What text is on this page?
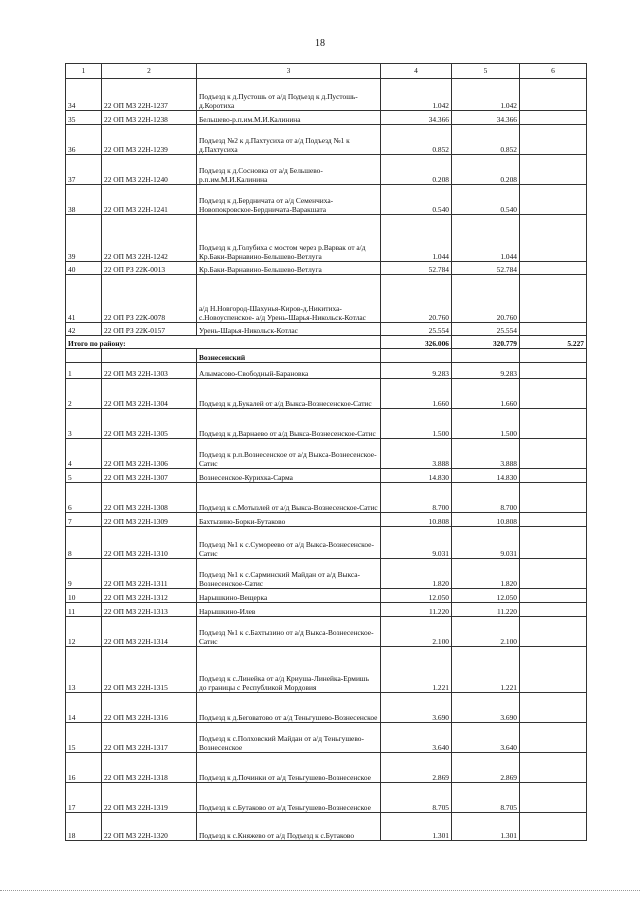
18
1	2	3	4	5	6
34	22 ОП МЗ 22Н-1237	Подъезд к д.Пустошь от а/д Подъезд к д.Пустошь-д.Коротиха	1.042	1.042	
35	22 ОП МЗ 22Н-1238	Бельшево-р.п.им.М.И.Калинина	34.366	34.366	
36	22 ОП МЗ 22Н-1239	Подъезд №2 к д.Пахтусиха от а/д Подъезд №1 к д.Пахтусиха	0.852	0.852	
37	22 ОП МЗ 22Н-1240	Подъезд к д.Сосновка от а/д Бельшево-р.п.им.М.И.Калинина	0.208	0.208	
38	22 ОП МЗ 22Н-1241	Подъезд к д.Бердничата от а/д Семенчиха-Новопокровское-Бердничата-Варакшата	0.540	0.540	
39	22 ОП МЗ 22Н-1242	Подъезд к д.Голубиха с мостом через р.Варвак от а/д Кр.Баки-Варнавино-Бельшево-Ветлуга	1.044	1.044	
40	22 ОП РЗ 22К-0013	Кр.Баки-Варнавино-Бельшево-Ветлуга	52.784	52.784	
41	22 ОП РЗ 22К-0078	а/д Н.Новгород-Шахунья-Киров-д.Никитиха-с.Новоуспенское- а/д Урень-Шарья-Никольск-Котлас	20.760	20.760	
42	22 ОП РЗ 22К-0157	Урень-Шарья-Никольск-Котлас	25.554	25.554	
Итого по району:			326.006	320.779	5.227
		Вознесенский			
1	22 ОП МЗ 22Н-1303	Алымасово-Свободный-Барановка	9.283	9.283	
2	22 ОП МЗ 22Н-1304	Подъезд к д.Букалей от а/д Выкса-Вознесенское-Сатис	1.660	1.660	
3	22 ОП МЗ 22Н-1305	Подъезд к д.Варнаево от а/д Выкса-Вознесенское-Сатис	1.500	1.500	
4	22 ОП МЗ 22Н-1306	Подъезд к р.п.Вознесенское от а/д Выкса-Вознесенское-Сатис	3.888	3.888	
5	22 ОП МЗ 22Н-1307	Вознесенское-Курихка-Сарма	14.830	14.830	
6	22 ОП МЗ 22Н-1308	Подъезд к с.Мотызлей от а/д Выкса-Вознесенское-Сатис	8.700	8.700	
7	22 ОП МЗ 22Н-1309	Бахтызино-Борки-Бутаково	10.808	10.808	
8	22 ОП МЗ 22Н-1310	Подъезд №1 к с.Сумореево от а/д Выкса-Вознесенское-Сатис	9.031	9.031	
9	22 ОП МЗ 22Н-1311	Подъезд №1 к с.Сарминский Майдан от а/д Выкса-Вознесенское-Сатис	1.820	1.820	
10	22 ОП МЗ 22Н-1312	Нарышкино-Вещерка	12.050	12.050	
11	22 ОП МЗ 22Н-1313	Нарышкино-Илев	11.220	11.220	
12	22 ОП МЗ 22Н-1314	Подъезд №1 к с.Бахтызино от а/д Выкса-Вознесенское-Сатис	2.100	2.100	
13	22 ОП МЗ 22Н-1315	Подъезд к с.Линейка от а/д Криуша-Линейка-Ермишь до границы с Республикой Мордовия	1.221	1.221	
14	22 ОП МЗ 22Н-1316	Подъезд к д.Беговатово от а/д Теньгушево-Вознесенское	3.690	3.690	
15	22 ОП МЗ 22Н-1317	Подъезд к с.Полховский Майдан от а/д Теньгушево-Вознесенское	3.640	3.640	
16	22 ОП МЗ 22Н-1318	Подъезд к д.Починки от а/д Теньгушево-Вознесенское	2.869	2.869	
17	22 ОП МЗ 22Н-1319	Подъезд к с.Бутаково от а/д Теньгушево-Вознесенское	8.705	8.705	
18	22 ОП МЗ 22Н-1320	Подъезд к с.Княжево от а/д Подъезд к с.Бутаково	1.301	1.301	
